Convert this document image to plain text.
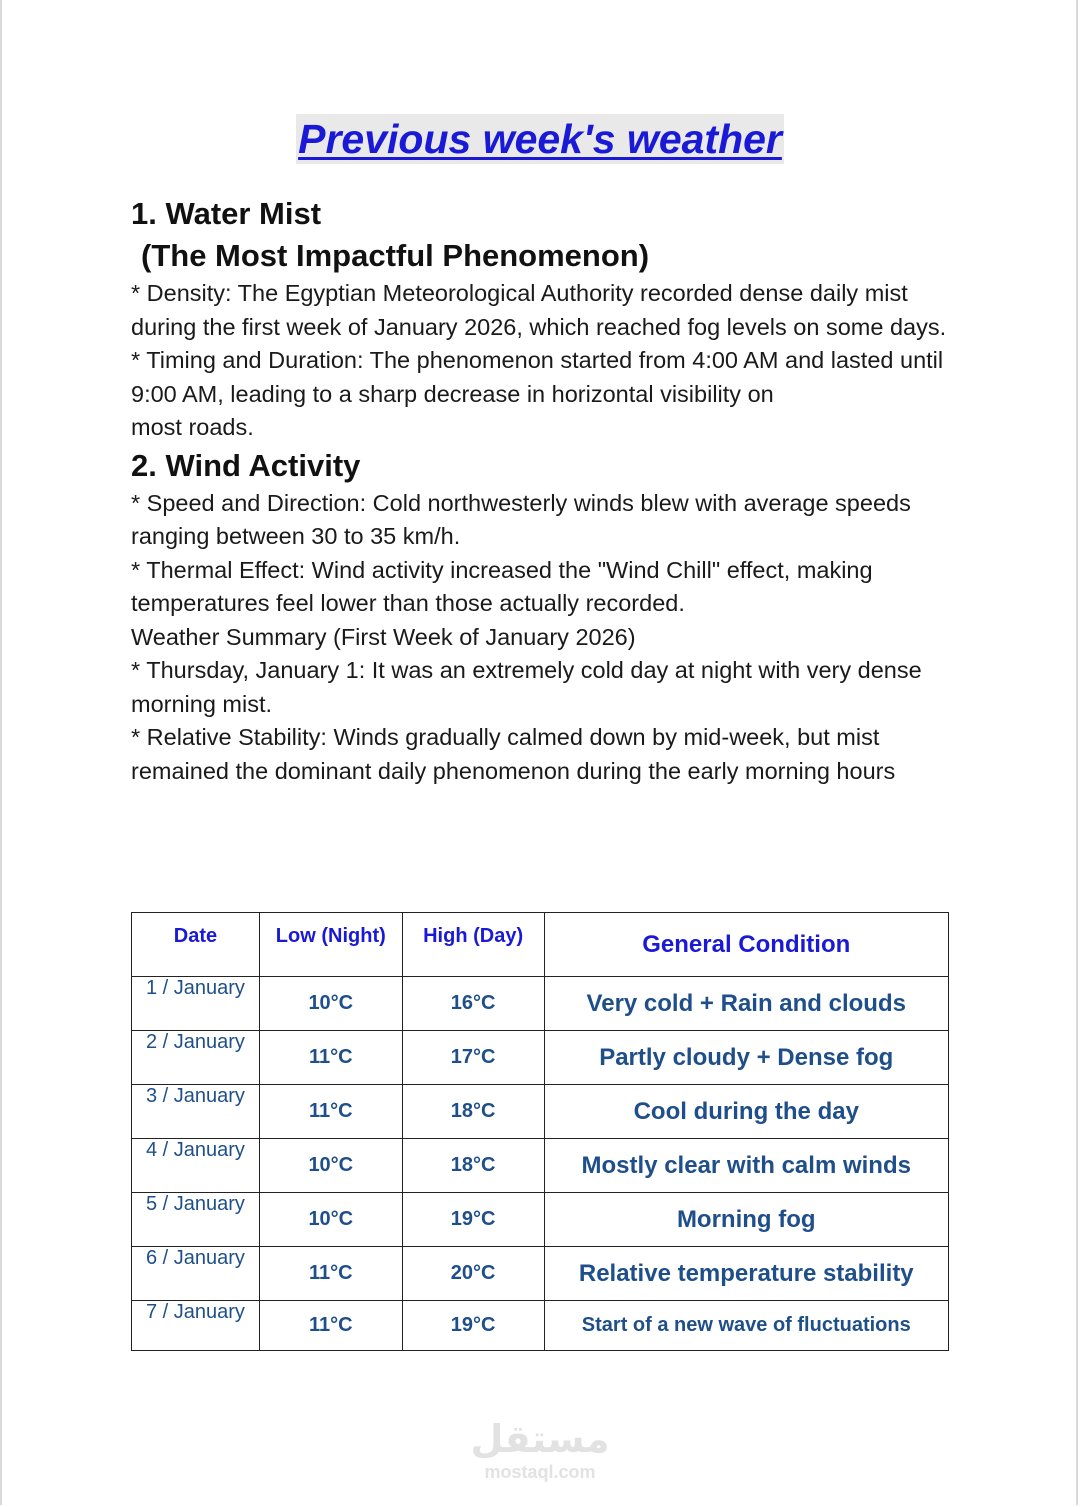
Previous week's weather
1. Water Mist
(The Most Impactful Phenomenon)

* Density: The Egyptian Meteorological Authority recorded dense daily mist during the first week of January 2026, which reached fog levels on some days.

* Timing and Duration: The phenomenon started from 4:00 AM and lasted until 9:00 AM, leading to a sharp decrease in horizontal visibility on

most roads.

2. Wind Activity

* Speed and Direction: Cold northwesterly winds blew with average speeds ranging between 30 to 35 km/h.

* Thermal Effect: Wind activity increased the "Wind Chill" effect, making temperatures feel lower than those actually recorded.

Weather Summary (First Week of January 2026)

* Thursday, January 1: It was an extremely cold day at night with very dense morning mist.

* Relative Stability: Winds gradually calmed down by mid-week, but mist remained the dominant daily phenomenon during the early morning hours

Date	Low (Night)	High (Day)	General Condition
1 / January	10°C	16°C	Very cold + Rain and clouds
2 / January	11°C	17°C	Partly cloudy + Dense fog
3 / January	11°C	18°C	Cool during the day
4 / January	10°C	18°C	Mostly clear with calm winds
5 / January	10°C	19°C	Morning fog
6 / January	11°C	20°C	Relative temperature stability
7 / January	11°C	19°C	Start of a new wave of fluctuations
مستقل
mostaql.com
